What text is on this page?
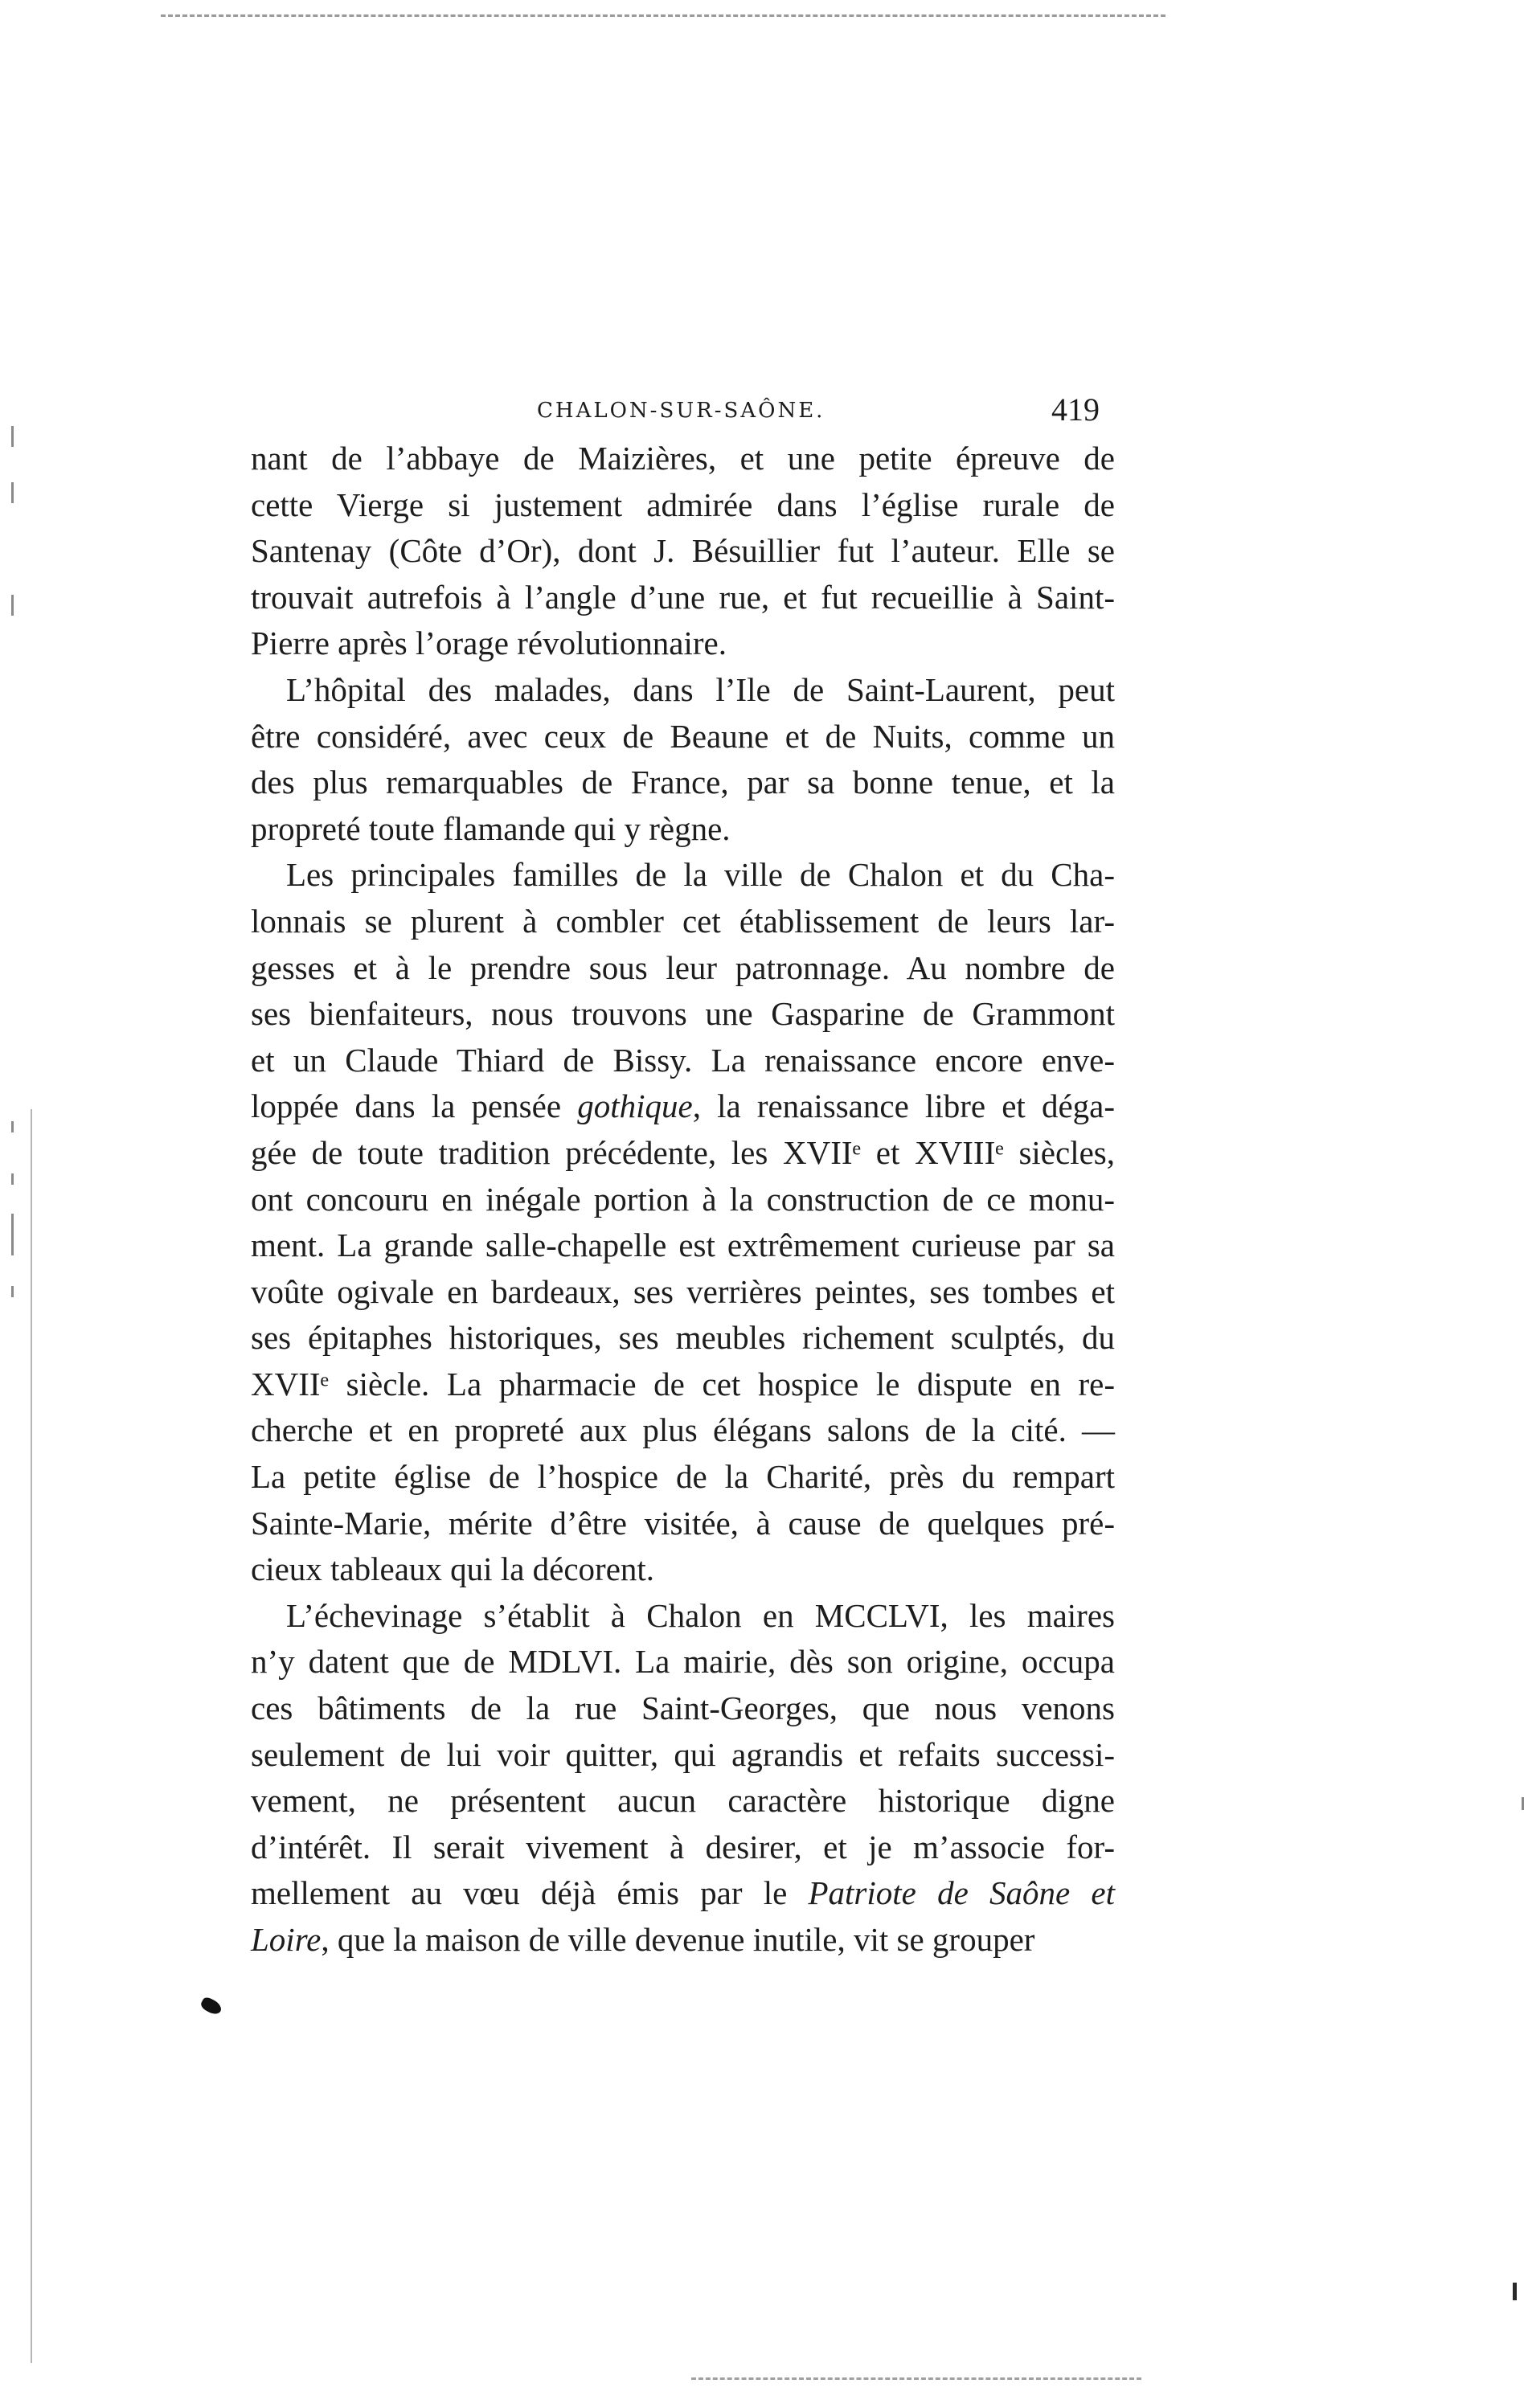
CHALON-SUR-SAÔNE.	419
nant de l’abbaye de Maizières, et une petite épreuve de
cette Vierge si justement admirée dans l’église rurale de
Santenay (Côte d’Or), dont J. Bésuillier fut l’auteur. Elle se
trouvait autrefois à l’angle d’une rue, et fut recueillie à Saint-
Pierre après l’orage révolutionnaire.
L’hôpital des malades, dans l’Ile de Saint-Laurent, peut
être considéré, avec ceux de Beaune et de Nuits, comme un
des plus remarquables de France, par sa bonne tenue, et la
propreté toute flamande qui y règne.
Les principales familles de la ville de Chalon et du Cha-
lonnais se plurent à combler cet établissement de leurs lar-
gesses et à le prendre sous leur patronnage. Au nombre de
ses bienfaiteurs, nous trouvons une Gasparine de Grammont
et un Claude Thiard de Bissy. La renaissance encore enve-
loppée dans la pensée gothique, la renaissance libre et déga-
gée de toute tradition précédente, les XVIIᵉ et XVIIIᵉ siècles,
ont concouru en inégale portion à la construction de ce monu-
ment. La grande salle-chapelle est extrêmement curieuse par sa
voûte ogivale en bardeaux, ses verrières peintes, ses tombes et
ses épitaphes historiques, ses meubles richement sculptés, du
XVIIᵉ siècle. La pharmacie de cet hospice le dispute en re-
cherche et en propreté aux plus élégans salons de la cité. —
La petite église de l’hospice de la Charité, près du rempart
Sainte-Marie, mérite d’être visitée, à cause de quelques pré-
cieux tableaux qui la décorent.
L’échevinage s’établit à Chalon en MCCLVI, les maires
n’y datent que de MDLVI. La mairie, dès son origine, occupa
ces bâtiments de la rue Saint-Georges, que nous venons
seulement de lui voir quitter, qui agrandis et refaits successi-
vement, ne présentent aucun caractère historique digne
d’intérêt. Il serait vivement à desirer, et je m’associe for-
mellement au vœu déjà émis par le Patriote de Saône et
Loire, que la maison de ville devenue inutile, vit se grouper
